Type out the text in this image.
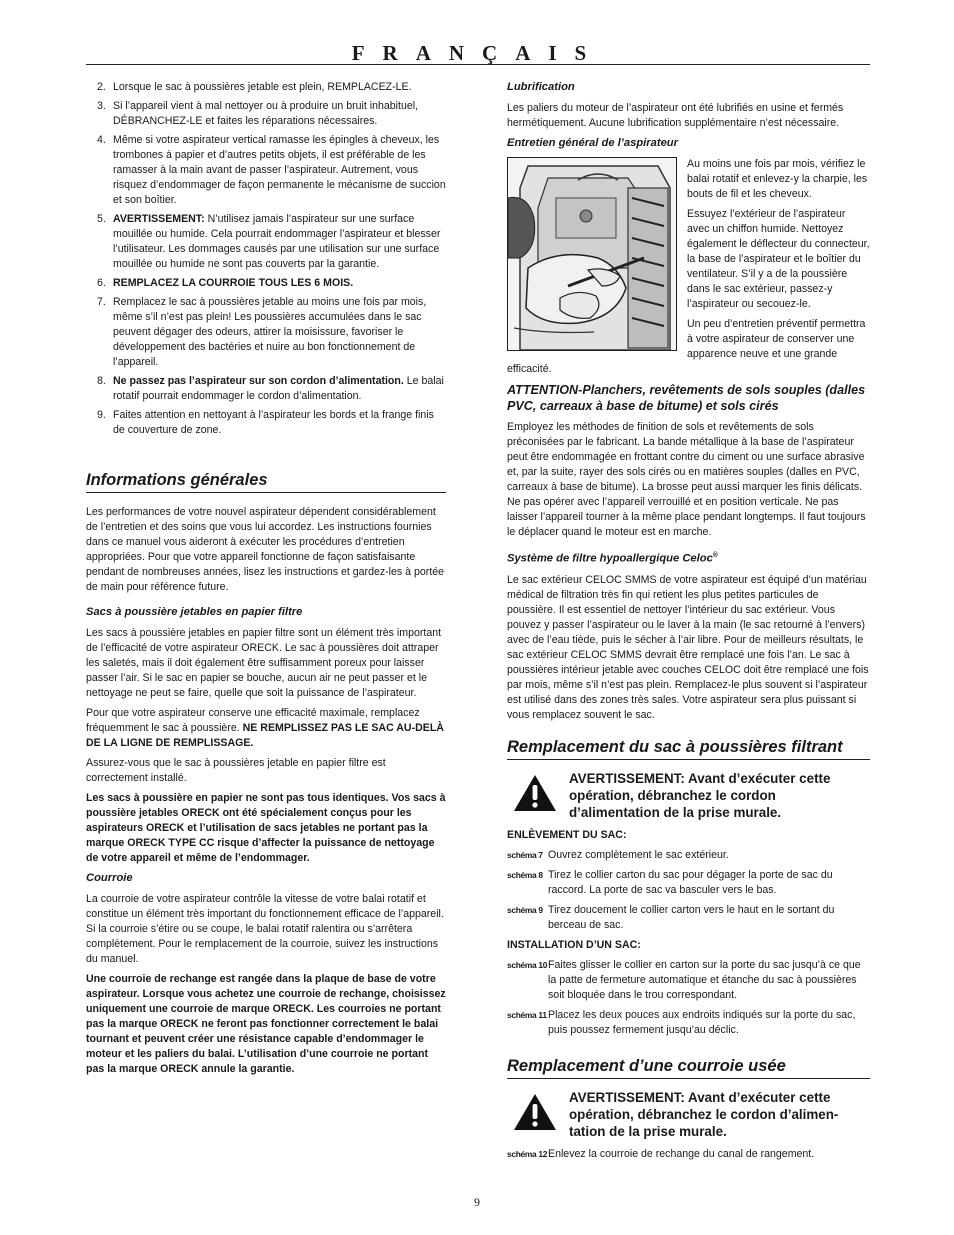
FRANÇAIS
2. Lorsque le sac à poussières jetable est plein, REMPLACEZ-LE.
3. Si l’appareil vient à mal nettoyer ou à produire un bruit inhabituel, DÉBRANCHEZ-LE et faites les réparations nécessaires.
4. Même si votre aspirateur vertical ramasse les épingles à cheveux, les trombones à papier et d’autres petits objets, il est préférable de les ramasser à la main avant de passer l’aspirateur. Autrement, vous risquez d’endommager de façon permanente le mécanisme de succion et son boîtier.
5. AVERTISSEMENT: N’utilisez jamais l’aspirateur sur une surface mouillée ou humide. Cela pourrait endommager l’aspirateur et blesser l’utilisateur. Les dommages causés par une utilisation sur une surface mouillée ou humide ne sont pas couverts par la garantie.
6. REMPLACEZ LA COURROIE TOUS LES 6 MOIS.
7. Remplacez le sac à poussières jetable au moins une fois par mois, même s’il n’est pas plein! Les poussières accumulées dans le sac peuvent dégager des odeurs, attirer la moisissure, favoriser le développement des bactéries et nuire au bon fonctionnement de l’appareil.
8. Ne passez pas l’aspirateur sur son cordon d’alimentation. Le balai rotatif pourrait endommager le cordon d’alimentation.
9. Faites attention en nettoyant à l’aspirateur les bords et la frange finis de couverture de zone.
Informations générales

Les performances de votre nouvel aspirateur dépendent considérablement de l’entretien et des soins que vous lui accordez. Les instructions fournies dans ce manuel vous aideront à exécuter les procédures d’entretien appropriées. Pour que votre appareil fonctionne de façon satisfaisante pendant de nombreuses années, lisez les instructions et gardez-les à portée de main pour référence future.

Sacs à poussière jetables en papier filtre

Les sacs à poussière jetables en papier filtre sont un élément très important de l’efficacité de votre aspirateur ORECK. Le sac à poussières doit attraper les saletés, mais il doit également être suffisamment poreux pour laisser passer l’air. Si le sac en papier se bouche, aucun air ne peut passer et le nettoyage ne peut se faire, quelle que soit la puissance de l’aspirateur.

Pour que votre aspirateur conserve une efficacité maximale, remplacez fréquemment le sac à poussière. NE REMPLISSEZ PAS LE SAC AU-DELÀ DE LA LIGNE DE REMPLISSAGE.

Assurez-vous que le sac à poussières jetable en papier filtre est correctement installé.

Les sacs à poussière en papier ne sont pas tous identiques. Vos sacs à poussière jetables ORECK ont été spécialement conçus pour les aspirateurs ORECK et l’utilisation de sacs jetables ne portant pas la marque ORECK TYPE CC risque d’affecter la puissance de nettoyage de votre appareil et même de l’endommager.

Courroie

La courroie de votre aspirateur contrôle la vitesse de votre balai rotatif et constitue un élément très important du fonctionnement efficace de l’appareil. Si la courroie s’étire ou se coupe, le balai rotatif ralentira ou s’arrêtera complètement. Pour le remplacement de la courroie, suivez les instructions du manuel.

Une courroie de rechange est rangée dans la plaque de base de votre aspirateur. Lorsque vous achetez une courroie de rechange, choisissez uniquement une courroie de marque ORECK. Les courroies ne portant pas la marque ORECK ne feront pas fonctionner correctement le balai tournant et peuvent créer une résistance capable d’endommager le moteur et les paliers du balai. L’utilisation d’une courroie ne portant pas la marque ORECK annule la garantie.

Lubrification

Les paliers du moteur de l’aspirateur ont été lubrifiés en usine et fermés hermétiquement. Aucune lubrification supplémentaire n’est nécessaire.

Entretien général de l’aspirateur

Au moins une fois par mois, vérifiez le balai rotatif et enlevez-y la charpie, les bouts de fil et les cheveux.

Essuyez l’extérieur de l’aspirateur avec un chiffon humide. Nettoyez également le déflecteur du connecteur, la base de l’aspirateur et le boîtier du ventilateur. S’il y a de la poussière dans le sac extérieur, passez-y l’aspirateur ou secouez-le.

Un peu d’entretien préventif permettra à votre aspirateur de conserver une apparence neuve et une grande efficacité.

ATTENTION-Planchers, revêtements de sols souples (dalles PVC, carreaux à base de bitume) et sols cirés

Employez les méthodes de finition de sols et revêtements de sols préconisées par le fabricant. La bande métallique à la base de l’aspirateur peut être endommagée en frottant contre du ciment ou une surface abrasive et, par la suite, rayer des sols cirés ou en matières souples (dalles en PVC, carreaux à base de bitume). La brosse peut aussi marquer les finis délicats. Ne pas opérer avec l’appareil verrouillé et en position verticale. Ne pas laisser l’appareil tourner à la même place pendant longtemps. Il faut toujours le déplacer quand le moteur est en marche.

Système de filtre hypoallergique Celoc®

Le sac extérieur CELOC SMMS de votre aspirateur est équipé d’un matériau médical de filtration très fin qui retient les plus petites particules de poussière. Il est essentiel de nettoyer l’intérieur du sac extérieur. Vous pouvez y passer l’aspirateur ou le laver à la main (le sac retourné à l’envers) avec de l’eau tiède, puis le sécher à l’air libre. Pour de meilleurs résultats, le sac extérieur CELOC SMMS devrait être remplacé une fois l’an. Le sac à poussières intérieur jetable avec couches CELOC doit être remplacé une fois par mois, même s’il n’est pas plein. Remplacez-le plus souvent si l’aspirateur est utilisé dans des zones très sales. Votre aspirateur sera plus puissant si vous remplacez souvent le sac.

Remplacement du sac à poussières filtrant
AVERTISSEMENT: Avant d’exécuter cette opération, débranchez le cordon d’alimentation de la prise murale.
ENLÈVEMENT DU SAC:
schéma 7 Ouvrez complètement le sac extérieur.
schéma 8 Tirez le collier carton du sac pour dégager la porte de sac du raccord. La porte de sac va basculer vers le bas.
schéma 9 Tirez doucement le collier carton vers le haut en le sortant du berceau de sac.
INSTALLATION D’UN SAC:
schéma 10 Faites glisser le collier en carton sur la porte du sac jusqu’à ce que la patte de fermeture automatique et étanche du sac à poussières soit bloquée dans le trou correspondant.
schéma 11 Placez les deux pouces aux endroits indiqués sur la porte du sac, puis poussez fermement jusqu’au déclic.
Remplacement d’une courroie usée
AVERTISSEMENT: Avant d’exécuter cette opération, débranchez le cordon d’alimen-tation de la prise murale.
schéma 12 Enlevez la courroie de rechange du canal de rangement.
9
